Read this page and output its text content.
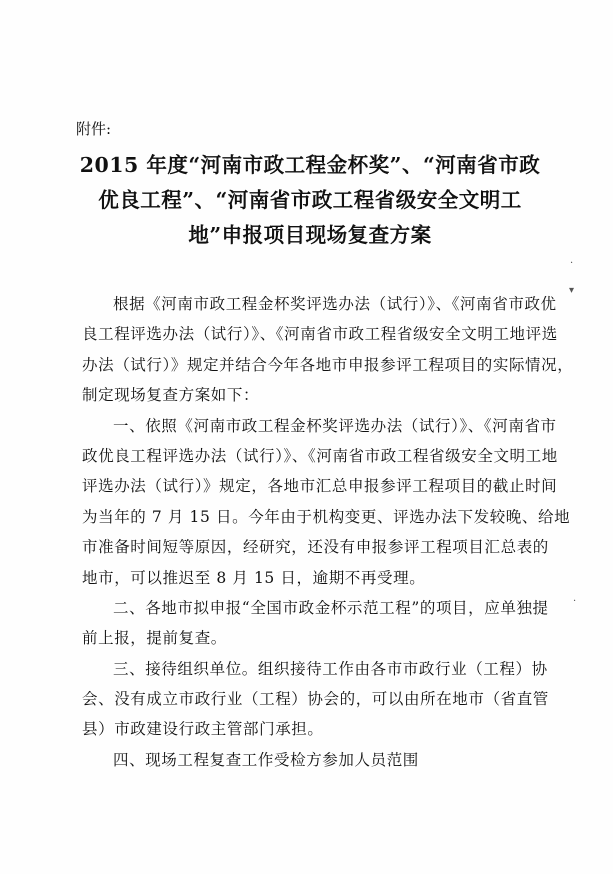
附件:
2015 年度“河南市政工程金杯奖”、“河南省市政
优良工程”、“河南省市政工程省级安全文明工
地”申报项目现场复查方案
根据《河南市政工程金杯奖评选办法（试行）》、《河南省市政优
良工程评选办法（试行）》、《河南省市政工程省级安全文明工地评选
办法（试行）》规定并结合今年各地市申报参评工程项目的实际情况，
制定现场复查方案如下：
一、依照《河南市政工程金杯奖评选办法（试行）》、《河南省市
政优良工程评选办法（试行）》、《河南省市政工程省级安全文明工地
评选办法（试行）》规定，各地市汇总申报参评工程项目的截止时间
为当年的 7 月 15 日。今年由于机构变更、评选办法下发较晚、给地
市准备时间短等原因，经研究，还没有申报参评工程项目汇总表的
地市，可以推迟至 8 月 15 日，逾期不再受理。
二、各地市拟申报“全国市政金杯示范工程”的项目，应单独提
前上报，提前复查。
三、接待组织单位。组织接待工作由各市市政行业（工程）协
会、没有成立市政行业（工程）协会的，可以由所在地市（省直管
县）市政建设行政主管部门承担。
四、现场工程复查工作受检方参加人员范围
·
▾
·
